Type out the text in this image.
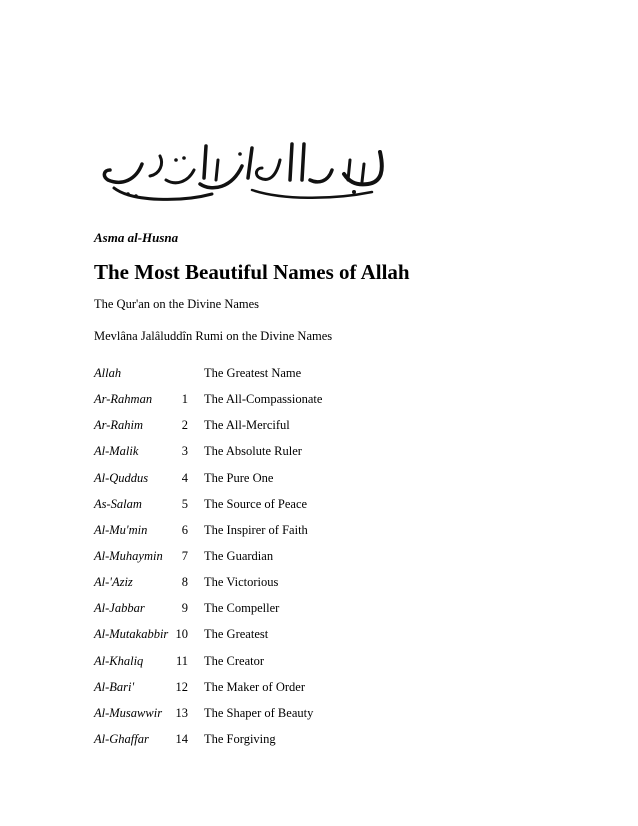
Asma al-Husna
The Most Beautiful Names of Allah
The Qur'an on the Divine Names
Mevlâna Jalâluddîn Rumi on the Divine Names
Allah	The Greatest Name
Ar-Rahman	1 The All-Compassionate
Ar-Rahim	2 The All-Merciful
Al-Malik	3 The Absolute Ruler
Al-Quddus	4 The Pure One
As-Salam	5 The Source of Peace
Al-Mu'min	6 The Inspirer of Faith
Al-Muhaymin	7 The Guardian
Al-'Aziz	8 The Victorious
Al-Jabbar	9 The Compeller
Al-Mutakabbir 10 The Greatest
Al-Khaliq	11 The Creator
Al-Bari'	12 The Maker of Order
Al-Musawwir	13 The Shaper of Beauty
Al-Ghaffar	14 The Forgiving
